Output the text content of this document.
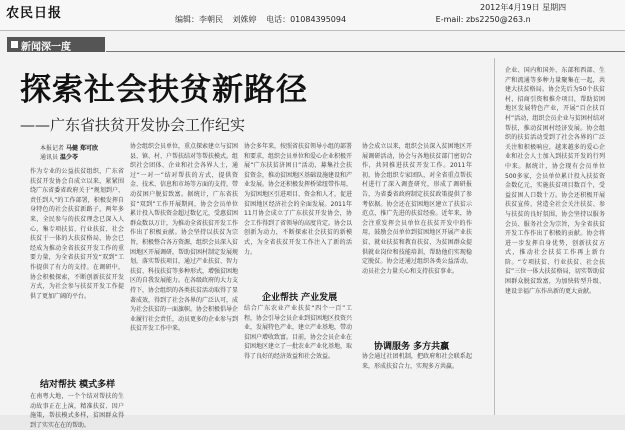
农民日报	2012年4月19日 星期四
编辑：李朝民 刘姝婷 电话：01084395094	E-mail: zbs2250@263.n
新闻深一度
探索社会扶贫新路径
——广东省扶贫开发协会工作纪实
本报记者 马健 郑可欣
通讯员 温少苓
作为专业的公益扶贫组织，广东省扶贫开发协会自成立以来，紧紧围绕广东省委省政府关于“规划到户、责任到人”的工作部署，积极发挥自身特色的社会扶贫新路子，两年多来，全民参与的扶贫理念已深入人心，集专项扶贫、行业扶贫、社会扶贫于一体的大扶贫格局，协会已经成为推动全省扶贫开发工作的重要力量，为全省扶贫开发“双到”工作提供了有力的支持。在调研中，协会积极探索，不断创新扶贫开发方式，为社会参与扶贫开发工作提供了更加广阔的平台。
结对帮扶 模式多样
在南粤大地，一个个结对帮扶的生动故事正在上演，精准扶贫、因户施策，帮扶模式多样，贫困群众得到了实实在在的帮助。
协会组织会员单位，重点探索建立与贫困县、镇、村、户帮扶结对等帮扶模式。组织社会团体、企业和社会各界人士，通过“一对一”结对帮扶的方式，提供资金、技术、信息和市场等方面的支持，带动贫困户脱贫致富。据统计，广东省扶贫“双到”工作开展期间，协会会员单位累计投入帮扶资金超过数亿元，受惠贫困群众数以万计，为推动全省扶贫开发工作作出了积极贡献。协会坚持以扶贫为宗旨，积极整合各方资源，组织会员深入贫困地区开展调研，帮助贫困村制定发展规划，落实帮扶项目，通过产业扶贫、智力扶贫、科技扶贫等多种形式，增强贫困地区的自我发展能力。在各级政府的大力支持下，协会组织的各类扶贫活动取得了显著成效，得到了社会各界的广泛认可，成为社会扶贫的一面旗帜。协会积极倡导企业履行社会责任，动员更多的企业参与到扶贫开发工作中来。
协会多年来，按照省扶贫领导小组的部署和要求，组织会员单位和爱心企业积极开展“广东扶贫济困日”活动，募集社会扶贫资金，推动贫困地区基础设施建设和产业发展。协会还积极发挥桥梁纽带作用，为贫困地区引进项目、资金和人才，促进贫困地区经济社会的全面发展。2011年11月协会成立了广东扶贫开发协会，协会工作得到了省领导的高度肯定。协会以创新为动力，不断探索社会扶贫的新模式，为全省扶贫开发工作注入了新的活力。
结合广东农业产业扶贫“四个一百”工程，协会引导会员企业到贫困地区投资兴业，发展特色产业，建立产业基地，带动贫困户增收致富。目前，协会会员企业在贫困地区建立了一批农业产业化基地，取得了良好的经济效益和社会效益。
企业帮扶 产业发展
协会成立以来，组织会员深入贫困地区开展调研活动，协会与各地扶贫部门密切合作，共同推进扶贫开发工作。2011年初，协会组织专家团队，对全省重点帮扶村进行了深入调查研究，形成了调研报告，为省委省政府制定扶贫政策提供了参考依据。协会还在贫困地区建立了扶贫示范点，推广先进的扶贫经验。近年来，协会注重发挥会员单位在扶贫开发中的作用，鼓励会员单位到贫困地区开展产业扶贫、就业扶贫和教育扶贫，为贫困群众提供就业岗位和技能培训，帮助他们实现稳定脱贫。协会还通过组织各类公益活动，动员社会力量关心和支持扶贫事业。
协会通过社团机制，把政府和社会联系起来，形成扶贫合力，实现多方共赢。
协调服务 多方共赢
企业、国内和国外、东部和西部、生产和流通等多种力量聚集在一起，共建大扶贫格局。协会先后为50个扶贫村，招商引资和推介项目，帮助贫困地区发展特色产业，开展“百企扶百村”活动，组织会员企业与贫困村结对帮扶，推动贫困村经济发展。协会组织的扶贫活动受到了社会各界的广泛关注和积极响应，越来越多的爱心企业和社会人士加入到扶贫开发的行列中来。据统计，协会现有会员单位500多家，会员单位累计投入扶贫资金数亿元，实施扶贫项目数百个，受益贫困人口数十万。协会还积极开展扶贫宣传，营造全社会关注扶贫、参与扶贫的良好氛围，协会坚持以服务会员、服务社会为宗旨，为全省扶贫开发工作作出了积极的贡献。协会将进一步发挥自身优势，创新扶贫方式，推动社会扶贫工作再上新台阶。“专项扶贫、行业扶贫、社会扶贫”三位一体大扶贫格局，切实帮助贫困群众脱贫致富，为加快转型升级、建设幸福广东作出新的更大贡献。
